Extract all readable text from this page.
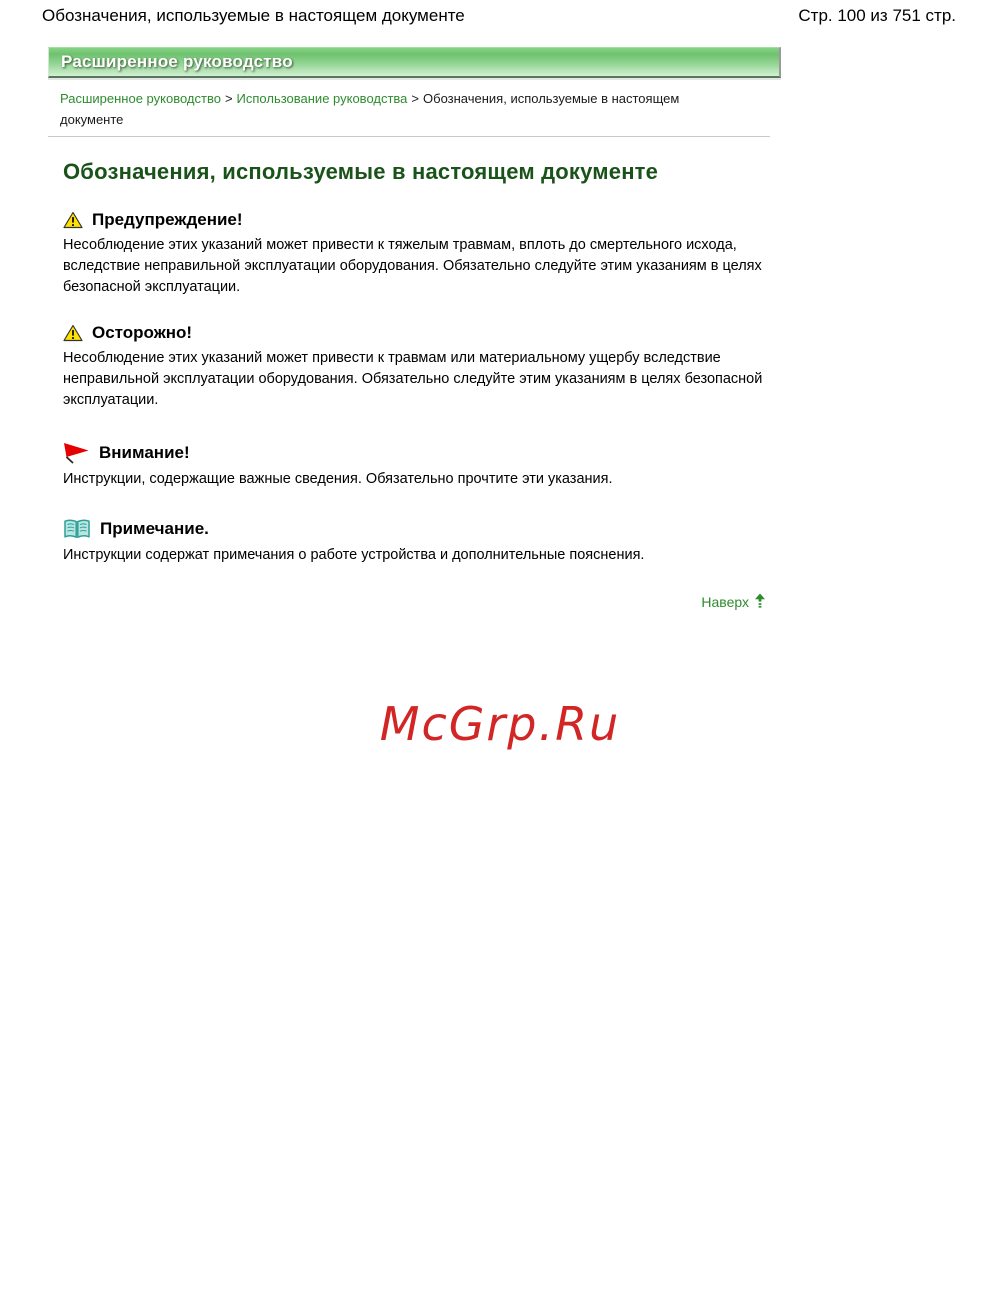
Обозначения, используемые в настоящем документе	Стр. 100 из 751 стр.
Расширенное руководство
Расширенное руководство > Использование руководства > Обозначения, используемые в настоящем документе
Обозначения, используемые в настоящем документе
Предупреждение!

Несоблюдение этих указаний может привести к тяжелым травмам, вплоть до смертельного исхода, вследствие неправильной эксплуатации оборудования. Обязательно следуйте этим указаниям в целях безопасной эксплуатации.

Осторожно!

Несоблюдение этих указаний может привести к травмам или материальному ущербу вследствие неправильной эксплуатации оборудования. Обязательно следуйте этим указаниям в целях безопасной эксплуатации.

Внимание!

Инструкции, содержащие важные сведения. Обязательно прочтите эти указания.

Примечание.

Инструкции содержат примечания о работе устройства и дополнительные пояснения.

Наверх
McGrp.Ru
